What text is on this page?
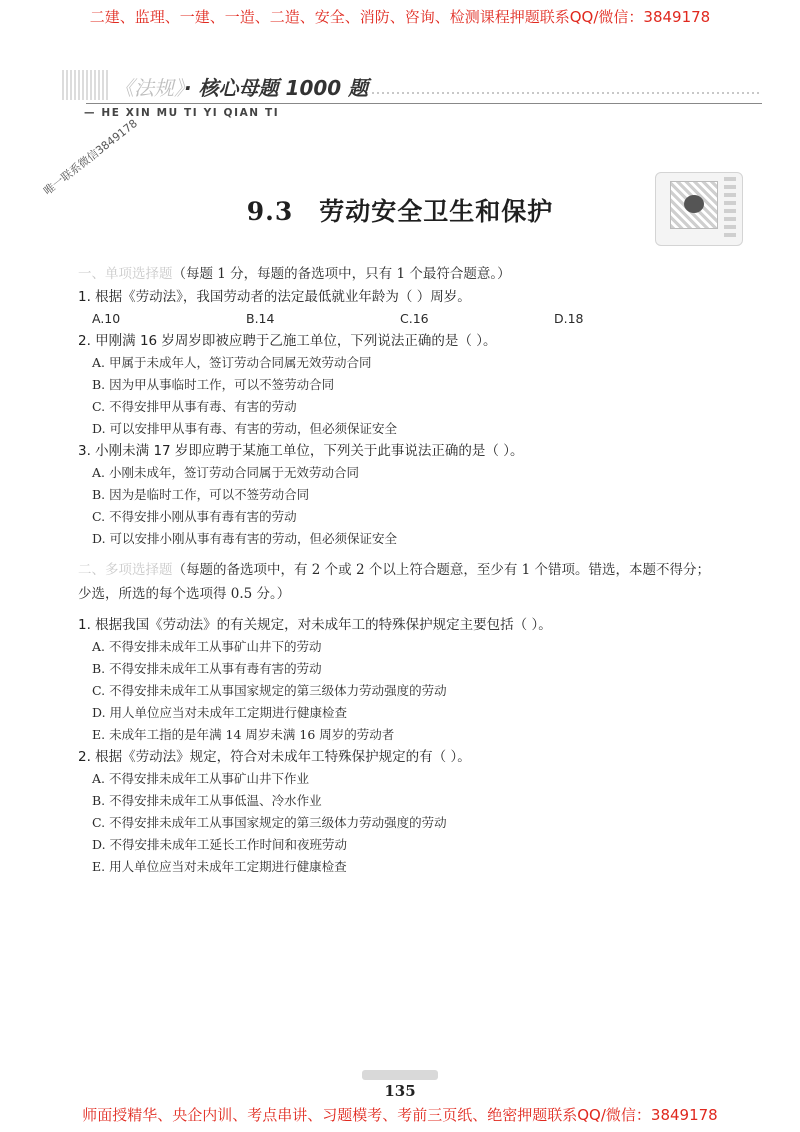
二建、监理、一建、一造、二造、安全、消防、咨询、检测课程押题联系QQ/微信：3849178
《法规》· 核心母题 1000 题
— HE XIN MU TI YI QIAN TI
唯一联系微信3849178
9.3　劳动安全卫生和保护
一、单项选择题（每题 1 分，每题的备选项中，只有 1 个最符合题意。）
1. 根据《劳动法》，我国劳动者的法定最低就业年龄为（ ）周岁。
A.10	B.14	C.16	D.18
2. 甲刚满 16 岁周岁即被应聘于乙施工单位，下列说法正确的是（ ）。
A. 甲属于未成年人，签订劳动合同属无效劳动合同
B. 因为甲从事临时工作，可以不签劳动合同
C. 不得安排甲从事有毒、有害的劳动
D. 可以安排甲从事有毒、有害的劳动，但必须保证安全
3. 小刚未满 17 岁即应聘于某施工单位，下列关于此事说法正确的是（ ）。
A. 小刚未成年，签订劳动合同属于无效劳动合同
B. 因为是临时工作，可以不签劳动合同
C. 不得安排小刚从事有毒有害的劳动
D. 可以安排小刚从事有毒有害的劳动，但必须保证安全
二、多项选择题（每题的备选项中，有 2 个或 2 个以上符合题意，至少有 1 个错项。错选，本题不得分；
少选，所选的每个选项得 0.5 分。）
1. 根据我国《劳动法》的有关规定，对未成年工的特殊保护规定主要包括（ ）。
A. 不得安排未成年工从事矿山井下的劳动
B. 不得安排未成年工从事有毒有害的劳动
C. 不得安排未成年工从事国家规定的第三级体力劳动强度的劳动
D. 用人单位应当对未成年工定期进行健康检查
E. 未成年工指的是年满 14 周岁未满 16 周岁的劳动者
2. 根据《劳动法》规定，符合对未成年工特殊保护规定的有（ ）。
A. 不得安排未成年工从事矿山井下作业
B. 不得安排未成年工从事低温、冷水作业
C. 不得安排未成年工从事国家规定的第三级体力劳动强度的劳动
D. 不得安排未成年工延长工作时间和夜班劳动
E. 用人单位应当对未成年工定期进行健康检查
135
师面授精华、央企内训、考点串讲、习题模考、考前三页纸、绝密押题联系QQ/微信：3849178
